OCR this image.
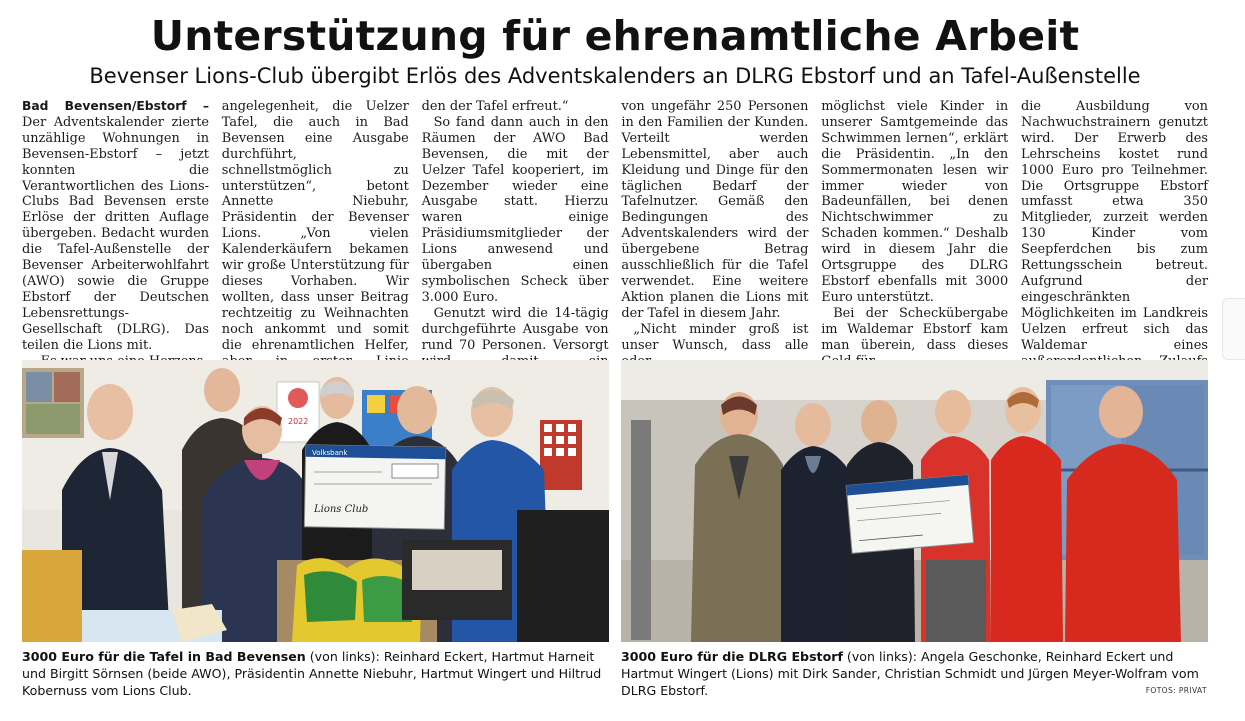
Unterstützung für ehrenamtliche Arbeit
Bevenser Lions-Club übergibt Erlös des Adventskalenders an DLRG Ebstorf und an Tafel-Außenstelle

Bad Bevensen/Ebstorf – Der Adventskalender zierte unzählige Wohnungen in Bevensen-Ebstorf – jetzt konnten die Verantwortlichen des Lions-Clubs Bad Bevensen erste Erlöse der dritten Auflage übergeben. Bedacht wurden die Tafel-Außenstelle der Bevenser Arbeiterwohlfahrt (AWO) sowie die Gruppe Ebstorf der Deutschen Lebensrettungs-Gesellschaft (DLRG). Das teilen die Lions mit.

angelegenheit, die Uelzer Tafel, die auch in Bad Bevensen eine Ausgabe durchführt, schnellstmöglich zu unterstützen“, betont Annette Niebuhr, Präsidentin der Bevenser Lions. „Von vielen Kalenderkäufern bekamen wir große Unterstützung für dieses Vorhaben. Wir wollten, dass unser Beitrag rechtzeitig zu Weihnachten noch ankommt und somit die ehrenamtlichen Helfer,

den der Tafel erfreut.“

So fand dann auch in den Räumen der AWO Bad Bevensen, die mit der Uelzer Tafel kooperiert, im Dezember wieder eine Ausgabe statt. Hierzu waren einige Präsidiumsmitglieder der Lions anwesend und übergaben einen symbolischen Scheck über 3.000 Euro.

Genutzt wird die 14-tägig durchgeführte Ausgabe von rund 70 Personen. Versorgt

von ungefähr 250 Personen in den Familien der Kunden. Verteilt werden Lebensmittel, aber auch Kleidung und Dinge für den täglichen Bedarf der Tafelnutzer. Gemäß den Bedingungen des Adventskalenders wird der übergebene Betrag ausschließlich für die Tafel verwendet. Eine weitere Aktion planen die Lions mit der Tafel in diesem Jahr.

„Nicht minder groß ist unser Wunsch, dass alle

möglichst viele Kinder in unserer Samtgemeinde das Schwimmen lernen“, erklärt die Präsidentin. „In den Sommermonaten lesen wir immer wieder von Badeunfällen, bei denen Nichtschwimmer zu Schaden kommen.“ Deshalb wird in diesem Jahr die Ortsgruppe des DLRG Ebstorf ebenfalls mit 3000 Euro unterstützt.

Bei der Scheckübergabe im Waldemar Ebstorf kam man überein, dass dieses

die Ausbildung von Nachwuchstrainern genutzt wird. Der Erwerb des Lehrscheins kostet rund 1000 Euro pro Teilnehmer. Die Ortsgruppe Ebstorf umfasst etwa 350 Mitglieder, zurzeit werden 130 Kinder vom Seepferdchen bis zum Rettungsschein betreut. Aufgrund der eingeschränkten Möglichkeiten im Landkreis Uelzen erfreut sich das Waldemar eines

2022
Volksbank
Lions Club
3000 Euro für die Tafel in Bad Bevensen (von links): Reinhard Eckert, Hartmut Harneit und Birgitt Sörnsen (beide AWO), Präsidentin Annette Niebuhr, Hartmut Wingert und Hiltrud Kobernuss vom Lions Club.
3000 Euro für die DLRG Ebstorf (von links): Angela Geschonke, Reinhard Eckert und Hartmut Wingert (Lions) mit Dirk Sander, Christian Schmidt und Jürgen Meyer-Wolfram vom DLRG Ebstorf.	FOTOS: PRIVAT
